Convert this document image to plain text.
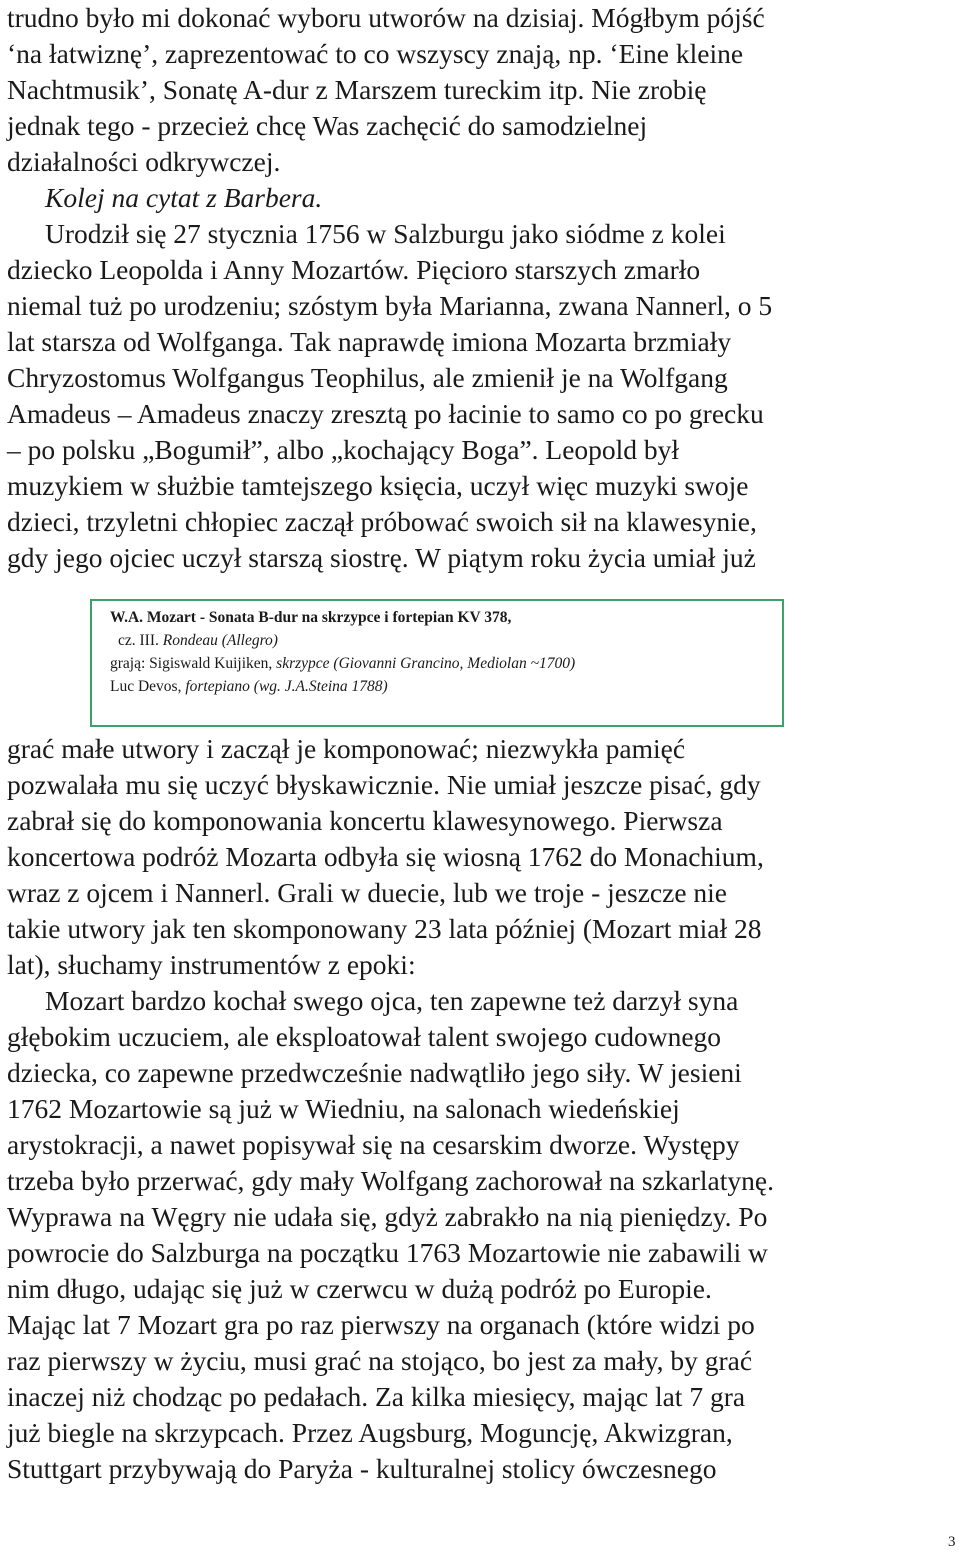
trudno było mi dokonać wyboru utworów na dzisiaj. Mógłbym pójść
‘na łatwiznę’, zaprezentować to co wszyscy znają, np. ‘Eine kleine
Nachtmusik’, Sonatę A-dur z Marszem tureckim itp. Nie zrobię
jednak tego - przecież chcę Was zachęcić do samodzielnej
działalności odkrywczej.
Kolej na cytat z Barbera.
Urodził się 27 stycznia 1756 w Salzburgu jako siódme z kolei
dziecko Leopolda i Anny Mozartów. Pięcioro starszych zmarło
niemal tuż po urodzeniu; szóstym była Marianna, zwana Nannerl, o 5
lat starsza od Wolfganga. Tak naprawdę imiona Mozarta brzmiały
Chryzostomus Wolfgangus Teophilus, ale zmienił je na Wolfgang
Amadeus – Amadeus znaczy zresztą po łacinie to samo co po grecku
– po polsku „Bogumił”, albo „kochający Boga”. Leopold był
muzykiem w służbie tamtejszego księcia, uczył więc muzyki swoje
dzieci, trzyletni chłopiec zaczął próbować swoich sił na klawesynie,
gdy jego ojciec uczył starszą siostrę. W piątym roku życia umiał już
W.A. Mozart - Sonata B-dur na skrzypce i fortepian KV 378,
cz. III. Rondeau (Allegro)
grają: Sigiswald Kuijiken, skrzypce (Giovanni Grancino, Mediolan ~1700)
Luc Devos, fortepiano (wg. J.A.Steina 1788)
grać małe utwory i zaczął je komponować; niezwykła pamięć
pozwalała mu się uczyć błyskawicznie. Nie umiał jeszcze pisać, gdy
zabrał się do komponowania koncertu klawesynowego. Pierwsza
koncertowa podróż Mozarta odbyła się wiosną 1762 do Monachium,
wraz z ojcem i Nannerl. Grali w duecie, lub we troje - jeszcze nie
takie utwory jak ten skomponowany 23 lata później (Mozart miał 28
lat), słuchamy instrumentów z epoki:
Mozart bardzo kochał swego ojca, ten zapewne też darzył syna
głębokim uczuciem, ale eksploatował talent swojego cudownego
dziecka, co zapewne przedwcześnie nadwątliło jego siły. W jesieni
1762 Mozartowie są już w Wiedniu, na salonach wiedeńskiej
arystokracji, a nawet popisywał się na cesarskim dworze. Występy
trzeba było przerwać, gdy mały Wolfgang zachorował na szkarlatynę.
Wyprawa na Węgry nie udała się, gdyż zabrakło na nią pieniędzy. Po
powrocie do Salzburga na początku 1763 Mozartowie nie zabawili w
nim długo, udając się już w czerwcu w dużą podróż po Europie.
Mając lat 7 Mozart gra po raz pierwszy na organach (które widzi po
raz pierwszy w życiu, musi grać na stojąco, bo jest za mały, by grać
inaczej niż chodząc po pedałach. Za kilka miesięcy, mając lat 7 gra
już biegle na skrzypcach. Przez Augsburg, Moguncję, Akwizgran,
Stuttgart przybywają do Paryża - kulturalnej stolicy ówczesnego
3
